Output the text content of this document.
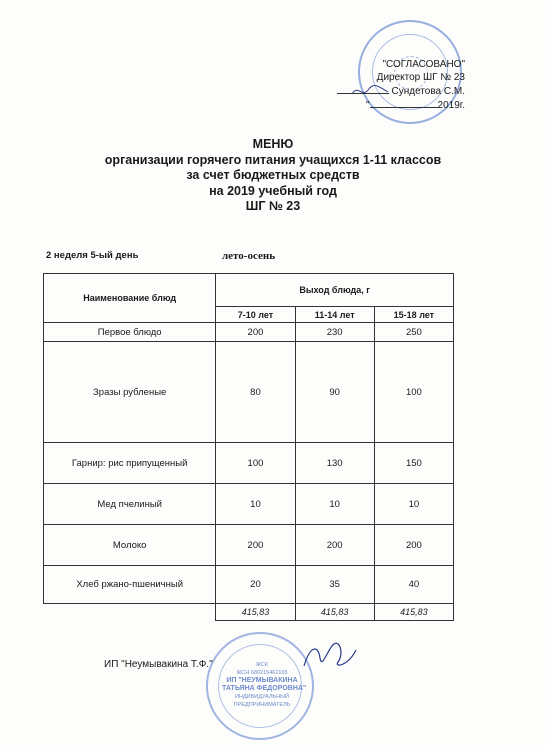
"СОГЛАСОВАНО"
Директор ШГ № 23
Сундетова С.М.
"	2019г.
МЕНЮ
организации горячего питания учащихся 1-11 классов
за счет бюджетных средств
на 2019 учебный год
ШГ № 23
2 неделя 5-ый день	лето-осень
Наименование блюд	Выход блюда, г		
	7-10 лет	11-14 лет	15-18 лет
Первое блюдо	200	230	250
Зразы рубленые	80	90	100
Гарнир: рис припущенный	100	130	150
Мед пчелиный	10	10	10
Молоко	200	200	200
Хлеб ржано-пшеничный	20	35	40
	415,83	415,83	415,83
ИП "Неумывакина Т.Ф."	ЖСК
ЖСН 680215462165
ИП "НЕУМЫВАКИНА
ТАТЬЯНА ФЕДОРОВНА"
ИНДИВИДУАЛЬНЫЙ
ПРЕДПРИНИМАТЕЛЬ
